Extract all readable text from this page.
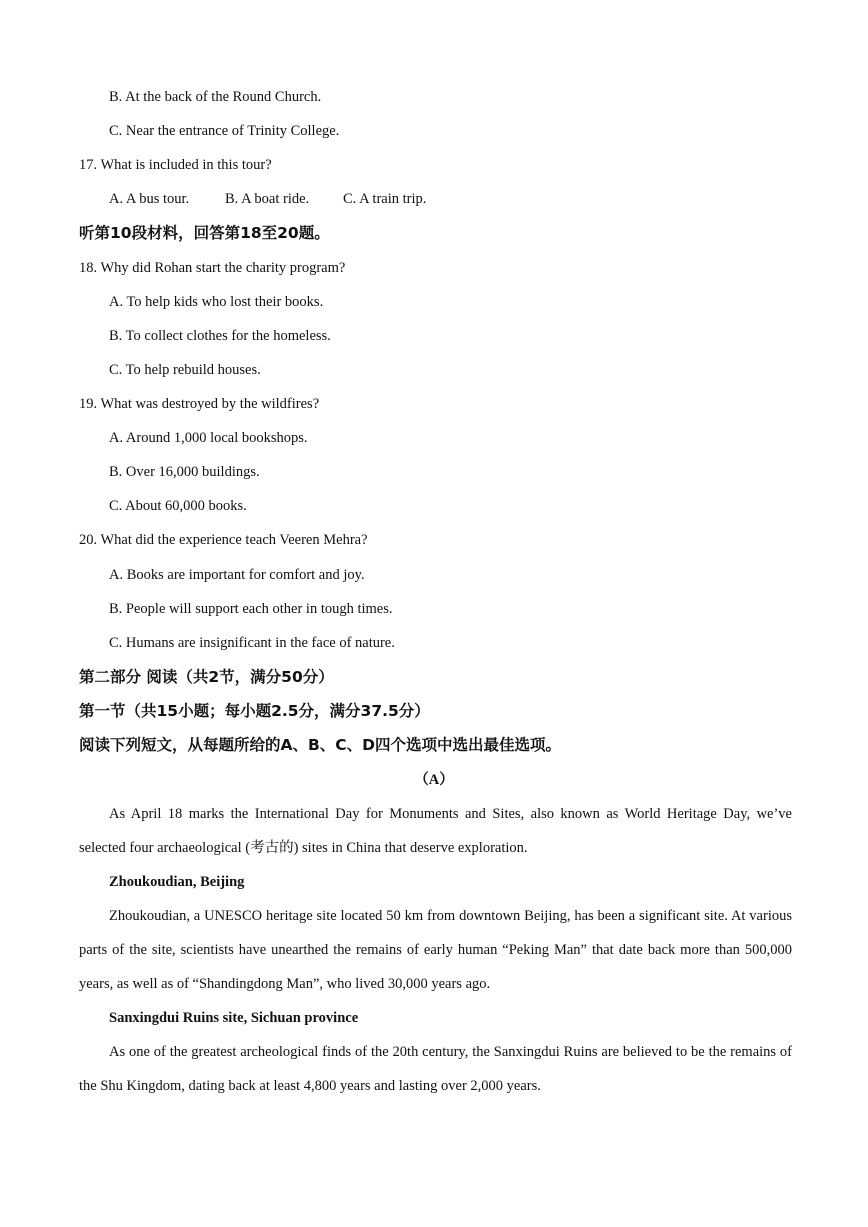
B. At the back of the Round Church.
C. Near the entrance of Trinity College.
17. What is included in this tour?
A. A bus tour. B. A boat ride. C. A train trip.
听第10段材料，回答第18至20题。
18. Why did Rohan start the charity program?
A. To help kids who lost their books.
B. To collect clothes for the homeless.
C. To help rebuild houses.
19. What was destroyed by the wildfires?
A. Around 1,000 local bookshops.
B. Over 16,000 buildings.
C. About 60,000 books.
20. What did the experience teach Veeren Mehra?
A. Books are important for comfort and joy.
B. People will support each other in tough times.
C. Humans are insignificant in the face of nature.
第二部分 阅读（共2节，满分50分）
第一节（共15小题；每小题2.5分，满分37.5分）
阅读下列短文，从每题所给的A、B、C、D四个选项中选出最佳选项。
（A）
As April 18 marks the International Day for Monuments and Sites, also known as World Heritage Day, we’ve selected four archaeological (考古的) sites in China that deserve exploration.
Zhoukoudian, Beijing
Zhoukoudian, a UNESCO heritage site located 50 km from downtown Beijing, has been a significant site. At various parts of the site, scientists have unearthed the remains of early human “Peking Man” that date back more than 500,000 years, as well as of “Shandingdong Man”, who lived 30,000 years ago.
Sanxingdui Ruins site, Sichuan province
As one of the greatest archeological finds of the 20th century, the Sanxingdui Ruins are believed to be the remains of the Shu Kingdom, dating back at least 4,800 years and lasting over 2,000 years.
